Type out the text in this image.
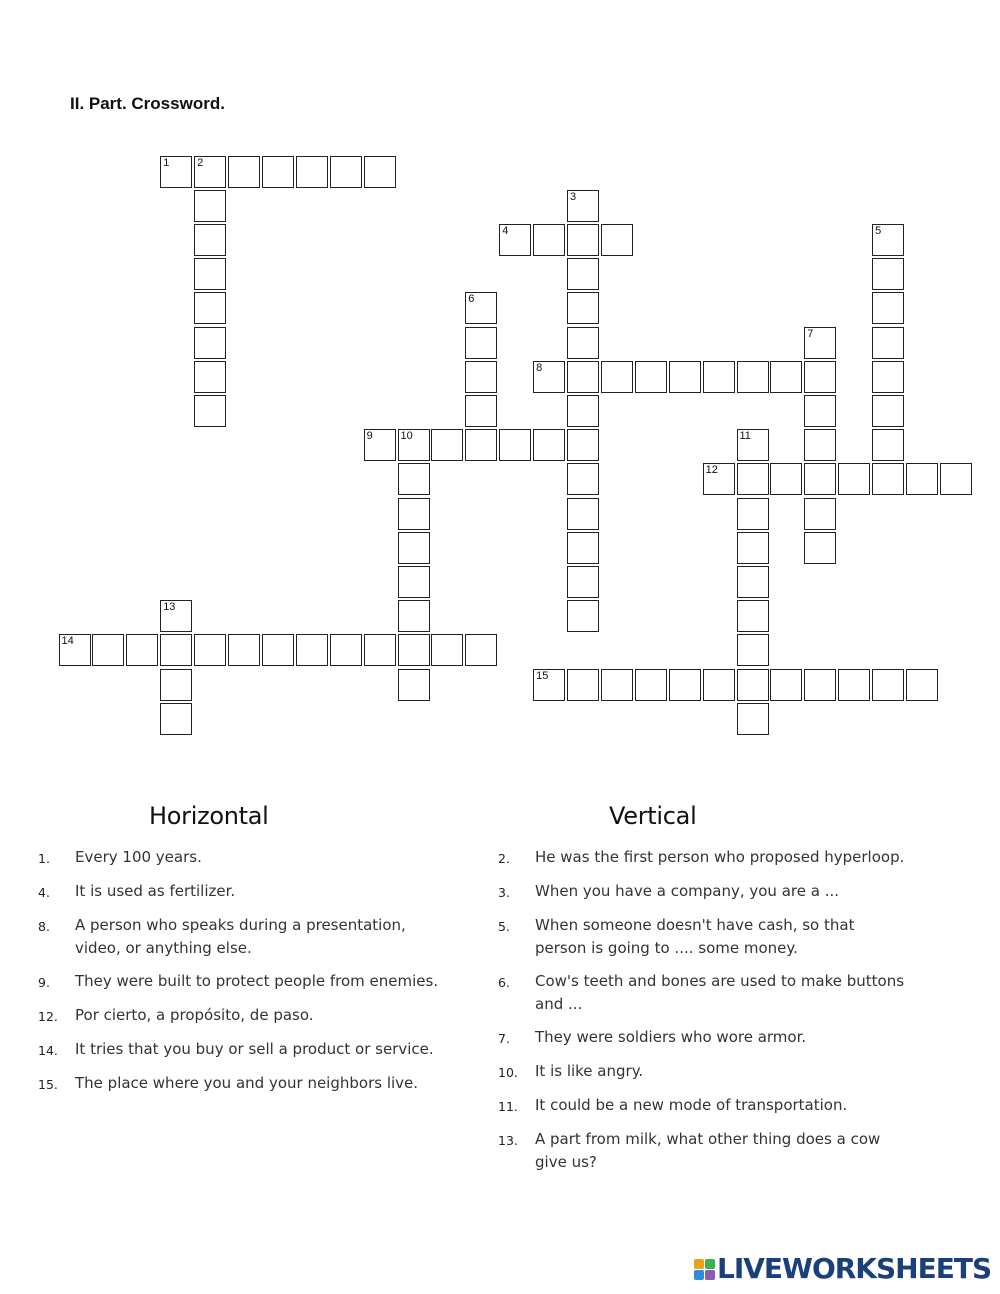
II. Part. Crossword.
1	2
3
4	5
6
7
8
9	10	11
12
13
14
15
Horizontal	Vertical
1.	Every 100 years.
4.	It is used as fertilizer.
8.	A person who speaks during a presentation, video, or anything else.
9.	They were built to protect people from enemies.
12.	Por cierto, a propósito, de paso.
14.	It tries that you buy or sell a product or service.
15.	The place where you and your neighbors live.
2.	He was the first person who proposed hyperloop.
3.	When you have a company, you are a ...
5.	When someone doesn't have cash, so that person is going to .... some money.
6.	Cow's teeth and bones are used to make buttons and ...
7.	They were soldiers who wore armor.
10.	It is like angry.
11.	It could be a new mode of transportation.
13.	A part from milk, what other thing does a cow give us?
LIVEWORKSHEETS
